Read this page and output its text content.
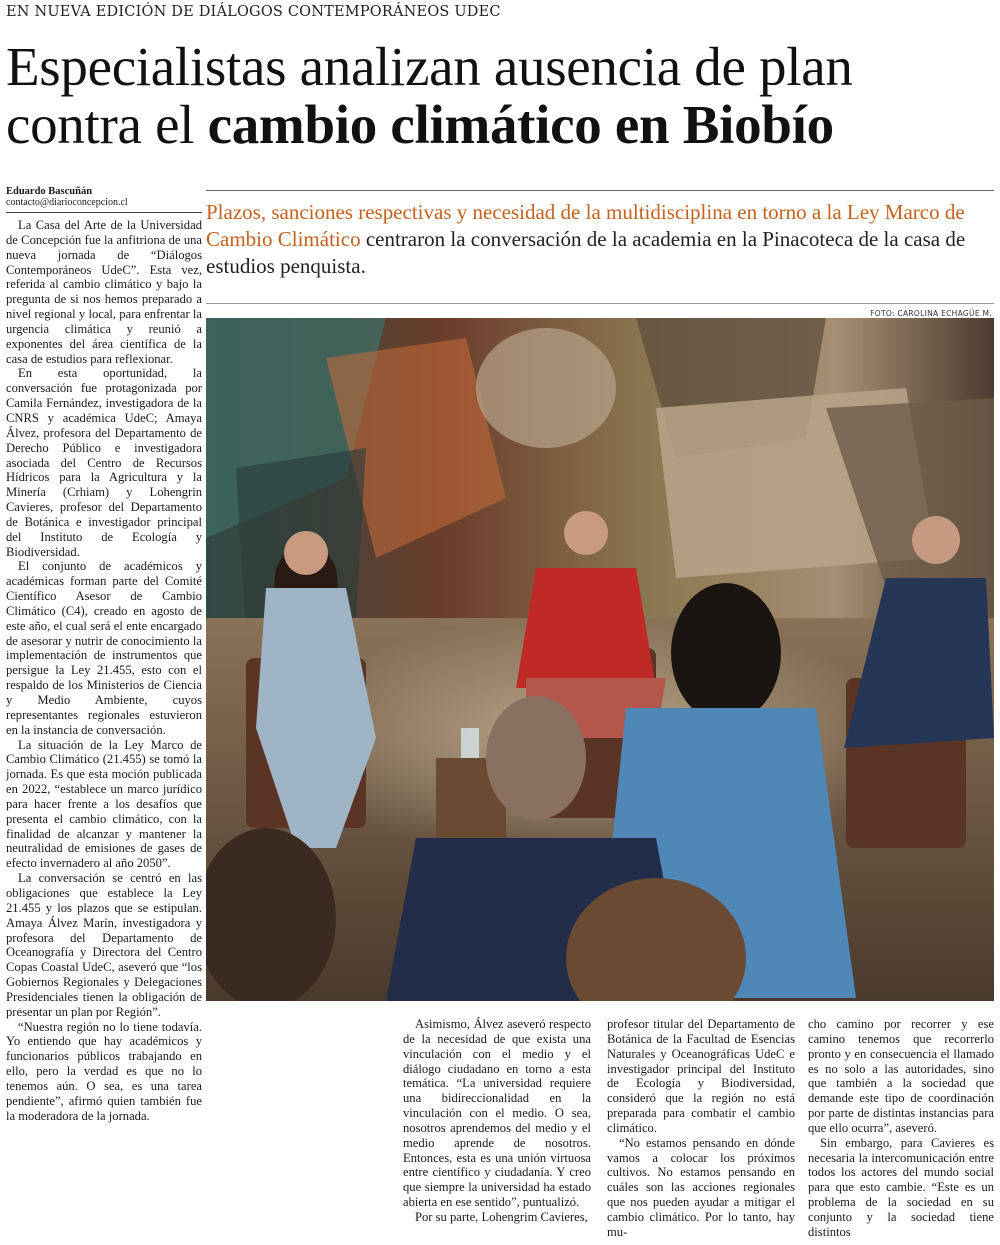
EN NUEVA EDICIÓN DE DIÁLOGOS CONTEMPORÁNEOS UDEC
Especialistas analizan ausencia de plan
contra el cambio climático en Biobío
Eduardo Bascuñán
contacto@diarioconcepcion.cl	Plazos, sanciones respectivas y necesidad de la multidisciplina en torno a la Ley Marco de Cambio Climático centraron la conversación de la academia en la Pinacoteca de la casa de estudios penquista.
FOTO: CAROLINA ECHAGÜE M.

La Casa del Arte de la Universidad de Concepción fue la anfitriona de una nueva jornada de “Diálogos Contemporáneos UdeC”. Esta vez, referida al cambio climático y bajo la pregunta de si nos hemos preparado a nivel regional y local, para enfrentar la urgencia climática y reunió a exponentes del área científica de la casa de estudios para reflexionar.

En esta oportunidad, la conversación fue protagonizada por Camila Fernández, investigadora de la CNRS y académica UdeC; Amaya Álvez, profesora del Departamento de Derecho Público e investigadora asociada del Centro de Recursos Hídricos para la Agricultura y la Minería (Crhiam) y Lohengrin Cavieres, profesor del Departamento de Botánica e investigador principal del Instituto de Ecología y Biodiversidad.

El conjunto de académicos y académicas forman parte del Comité Científico Asesor de Cambio Climático (C4), creado en agosto de este año, el cual será el ente encargado de asesorar y nutrir de conocimiento la implementación de instrumentos que persigue la Ley 21.455, esto con el respaldo de los Ministerios de Ciencia y Medio Ambiente, cuyos representantes regionales estuvieron en la instancia de conversación.

La situación de la Ley Marco de Cambio Climático (21.455) se tomó la jornada. Es que esta moción publicada en 2022, “establece un marco jurídico para hacer frente a los desafíos que presenta el cambio climático, con la finalidad de alcanzar y mantener la neutralidad de emisiones de gases de efecto invernadero al año 2050”.

La conversación se centró en las obligaciones que establece la Ley 21.455 y los plazos que se estipulan. Amaya Álvez Marín, investigadora y profesora del Departamento de Oceanografía y Directora del Centro Copas Coastal UdeC, aseveró que “los Gobiernos Regionales y Delegaciones Presidenciales tienen la obligación de presentar un plan por Región”.

“Nuestra región no lo tiene todavía. Yo entiendo que hay académicos y funcionarios públicos trabajando en ello, pero la verdad es que no lo tenemos aún. O sea, es una tarea pendiente”, afirmó quien también fue la moderadora de la jornada.

Asimismo, Álvez aseveró respecto de la necesidad de que exista una vinculación con el medio y el diálogo ciudadano en torno a esta temática. “La universidad requiere una bidireccionalidad en la vinculación con el medio. O sea, nosotros aprendemos del medio y el medio aprende de nosotros. Entonces, esta es una unión virtuosa entre científico y ciudadanía. Y creo que siempre la universidad ha estado abierta en ese sentido”, puntualizó.

Por su parte, Lohengrim Cavieres,

profesor titular del Departamento de Botánica de la Facultad de Esencias Naturales y Oceanográficas UdeC e investigador principal del Instituto de Ecología y Biodiversidad, consideró que la región no está preparada para combatir el cambio climático.

“No estamos pensando en dónde vamos a colocar los próximos cultivos. No estamos pensando en cuáles son las acciones regionales que nos pueden ayudar a mitigar el cambio climático. Por lo tanto, hay mu-

cho camino por recorrer y ese camino tenemos que recorrerlo pronto y en consecuencia el llamado es no solo a las autoridades, sino que también a la sociedad que demande este tipo de coordinación por parte de distintas instancias para que ello ocurra”, aseveró.

Sin embargo, para Cavieres es necesaria la intercomunicación entre todos los actores del mundo social para que esto cambie. “Este es un problema de la sociedad en su conjunto y la sociedad tiene distintos
